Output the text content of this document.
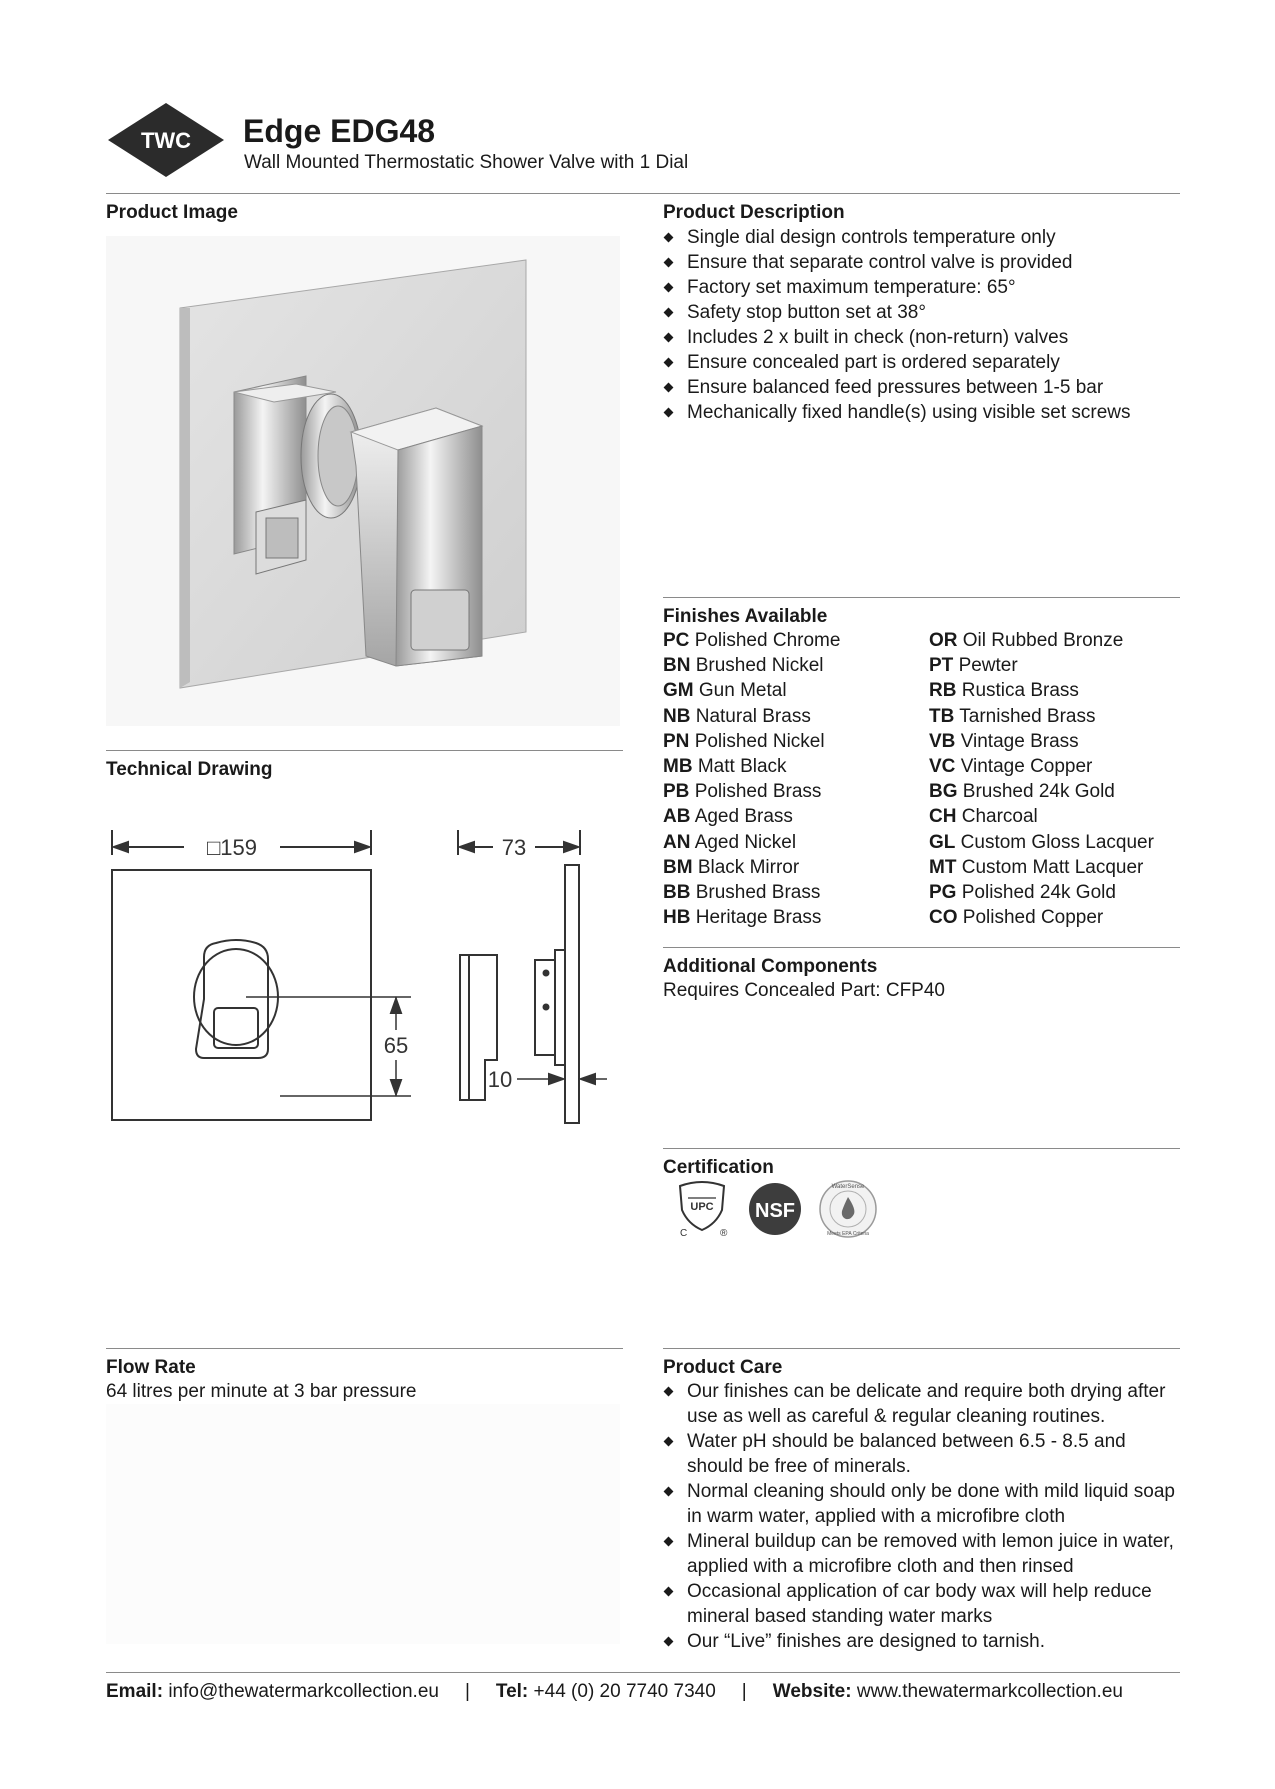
TWC Edge EDG48
Wall Mounted Thermostatic Shower Valve with 1 Dial
Product Image
Technical Drawing
□159
65
73
10
Product Description
Single dial design controls temperature only
Ensure that separate control valve is provided
Factory set maximum temperature: 65°
Safety stop button set at 38°
Includes 2 x built in check (non-return) valves
Ensure concealed part is ordered separately
Ensure balanced feed pressures between 1-5 bar
Mechanically fixed handle(s) using visible set screws
Finishes Available
PC Polished Chrome
BN Brushed Nickel
GM Gun Metal
NB Natural Brass
PN Polished Nickel
MB Matt Black
PB Polished Brass
AB Aged Brass
AN Aged Nickel
BM Black Mirror
BB Brushed Brass
HB Heritage Brass
OR Oil Rubbed Bronze
PT Pewter
RB Rustica Brass
TB Tarnished Brass
VB Vintage Brass
VC Vintage Copper
BG Brushed 24k Gold
CH Charcoal
GL Custom Gloss Lacquer
MT Custom Matt Lacquer
PG Polished 24k Gold
CO Polished Copper
Additional Components
Requires Concealed Part: CFP40
Certification
UPC
C	®
NSF
WaterSense
Meets EPA Criteria
Flow Rate
64 litres per minute at 3 bar pressure
Product Care
Our finishes can be delicate and require both drying after use as well as careful & regular cleaning routines.
Water pH should be balanced between 6.5 - 8.5 and should be free of minerals.
Normal cleaning should only be done with mild liquid soap in warm water, applied with a microfibre cloth
Mineral buildup can be removed with lemon juice in water, applied with a microfibre cloth and then rinsed
Occasional application of car body wax will help reduce mineral based standing water marks
Our “Live” finishes are designed to tarnish.
Email: info@thewatermarkcollection.eu | Tel: +44 (0) 20 7740 7340 | Website: www.thewatermarkcollection.eu
